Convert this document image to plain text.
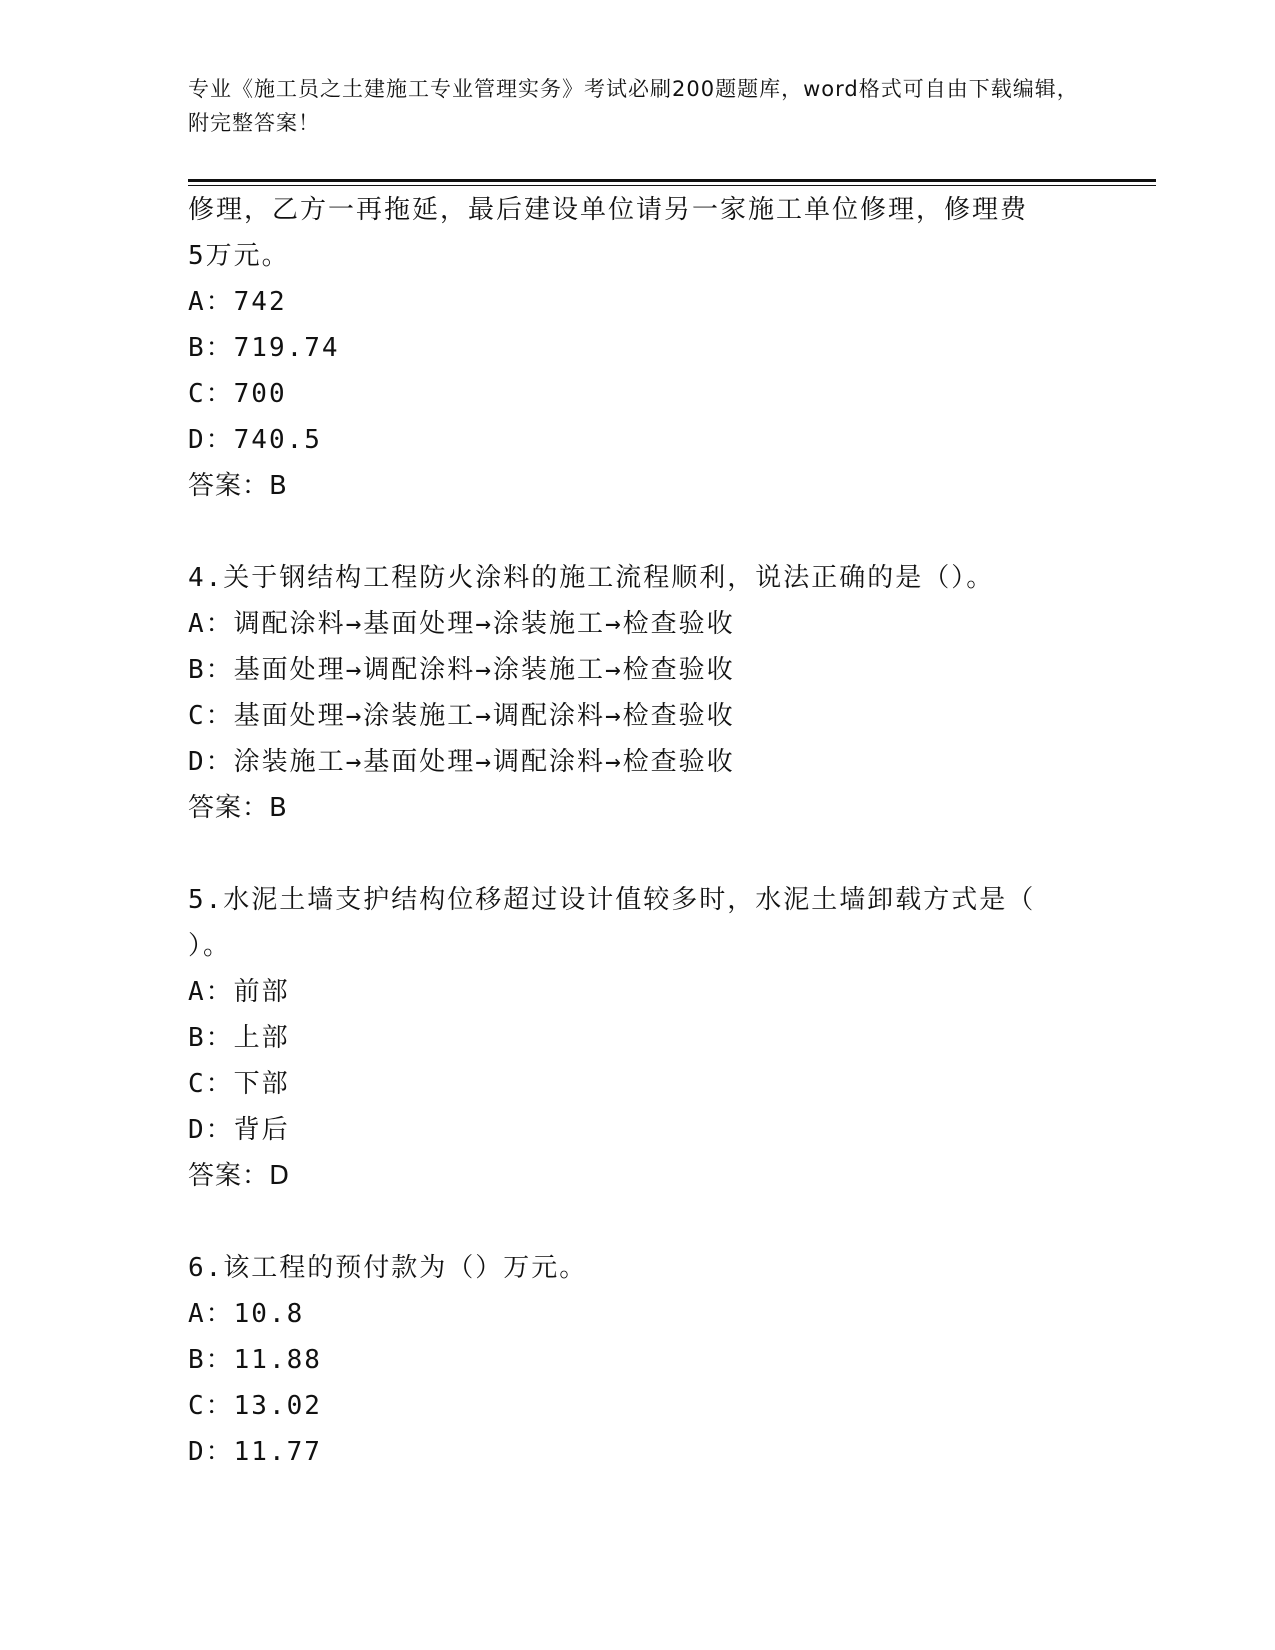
专业《施工员之土建施工专业管理实务》考试必刷200题题库，word格式可自由下载编辑，附完整答案！
修理，乙方一再拖延，最后建设单位请另一家施工单位修理，修理费
5万元。
A：742
B：719.74
C：700
D：740.5
答案：B
4.关于钢结构工程防火涂料的施工流程顺利，说法正确的是（）。
A：调配涂料→基面处理→涂装施工→检查验收
B：基面处理→调配涂料→涂装施工→检查验收
C：基面处理→涂装施工→调配涂料→检查验收
D：涂装施工→基面处理→调配涂料→检查验收
答案：B
5.水泥土墙支护结构位移超过设计值较多时，水泥土墙卸载方式是（
）。
A：前部
B：上部
C：下部
D：背后
答案：D
6.该工程的预付款为（）万元。
A：10.8
B：11.88
C：13.02
D：11.77
